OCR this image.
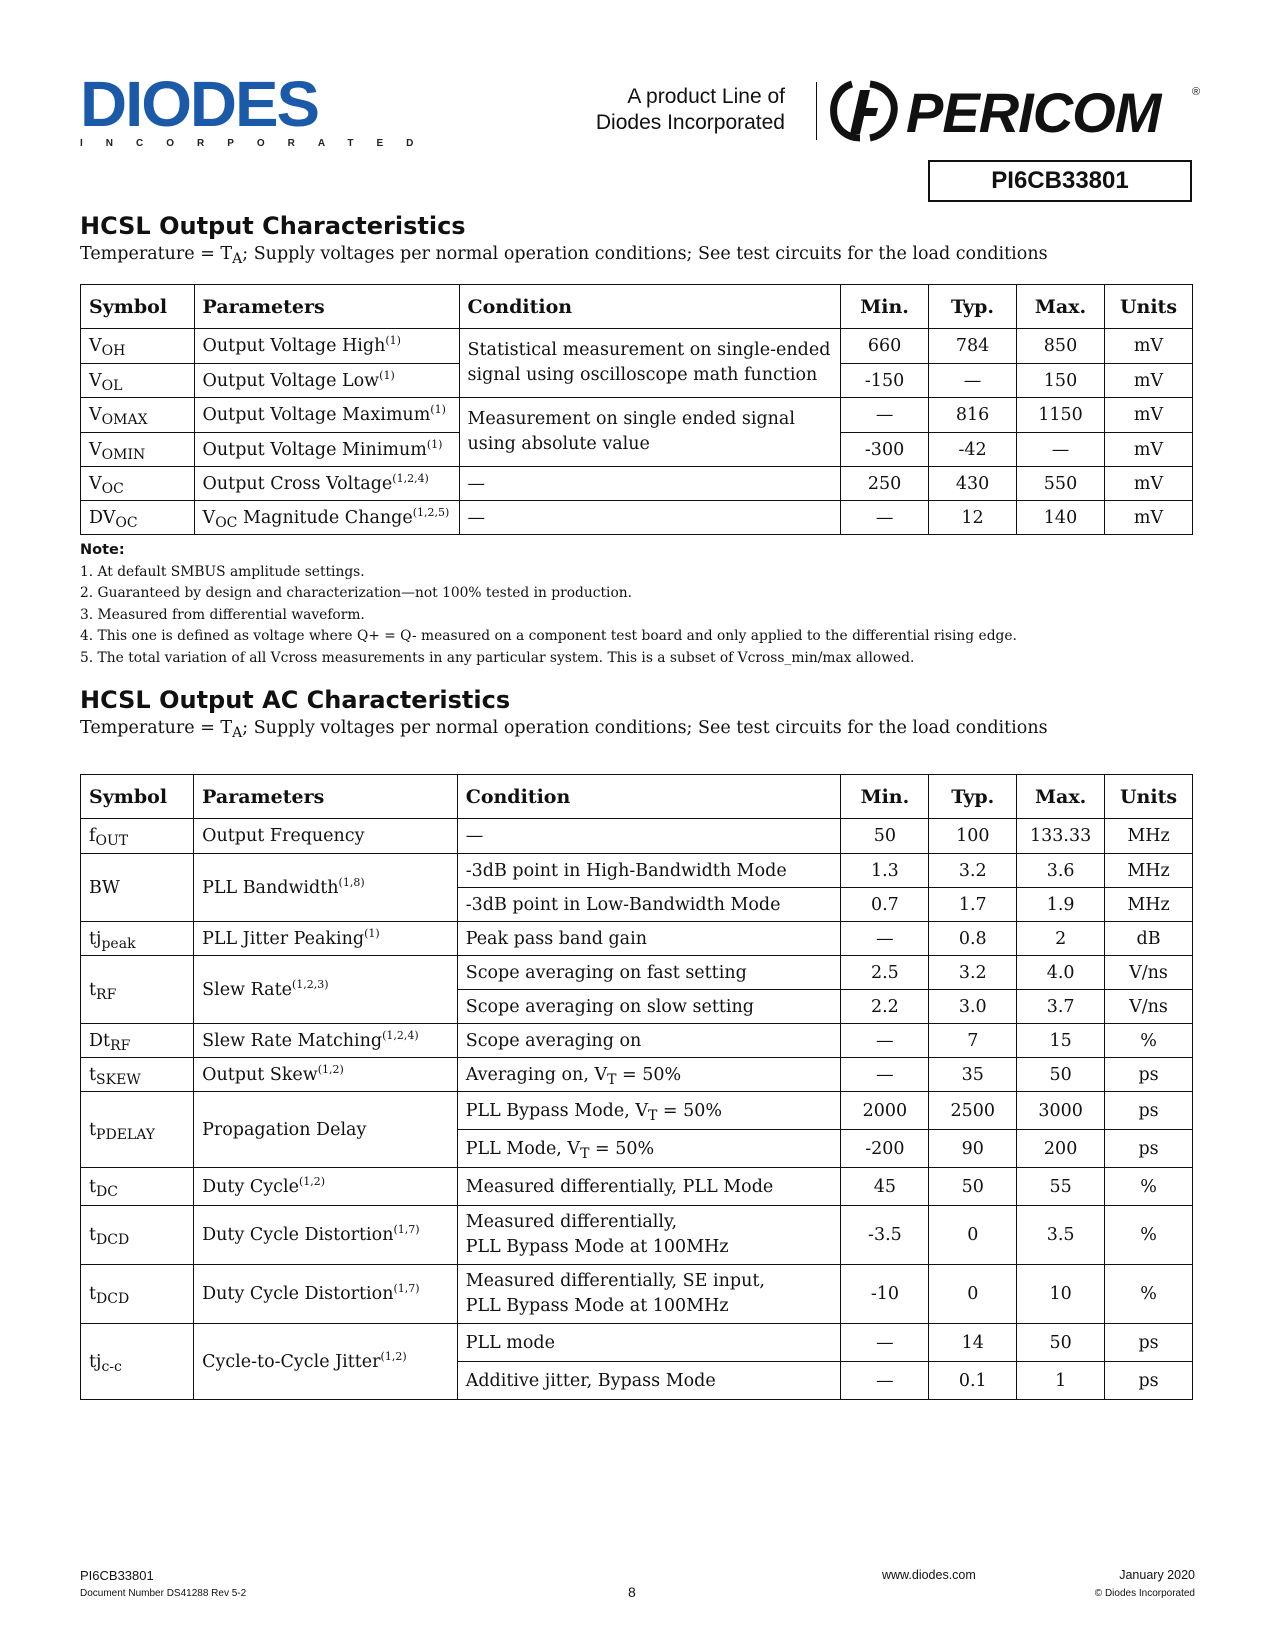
DIODES
INCORPORATED
A product Line of
Diodes Incorporated PERICOM	®
PI6CB33801
HCSL Output Characteristics
Temperature = $T_A$; Supply voltages per normal operation conditions; See test circuits for the load conditions
Symbol	Parameters	Condition	Min.	Typ.	Max.	Units
$V_{OH}$	Output Voltage High$^{(1)}$	Statistical measurement on single-ended signal using oscilloscope math function	660	784	850	mV
$V_{OL}$	Output Voltage Low$^{(1)}$		-150	—	150	mV
$V_{OMAX}$	Output Voltage Maximum$^{(1)}$	Measurement on single ended signal using absolute value	—	816	1150	mV
$V_{OMIN}$	Output Voltage Minimum$^{(1)}$		-300	-42	—	mV
$V_{OC}$	Output Cross Voltage$^{(1,2,4)}$	—	250	430	550	mV
$DV_{OC}$	$V_{OC}$ Magnitude Change$^{(1,2,5)}$	—	—	12	140	mV
Note:
1. At default SMBUS amplitude settings.
2. Guaranteed by design and characterization—not 100% tested in production.
3. Measured from differential waveform.
4. This one is defined as voltage where Q+ = Q- measured on a component test board and only applied to the differential rising edge.
5. The total variation of all Vcross measurements in any particular system. This is a subset of Vcross_min/max allowed.
HCSL Output AC Characteristics
Temperature = $T_A$; Supply voltages per normal operation conditions; See test circuits for the load conditions
Symbol	Parameters	Condition	Min.	Typ.	Max.	Units
$f_{OUT}$	Output Frequency	—	50	100	133.33	MHz
BW	PLL Bandwidth$^{(1,8)}$	-3dB point in High-Bandwidth Mode	1.3	3.2	3.6	MHz
		-3dB point in Low-Bandwidth Mode	0.7	1.7	1.9	MHz
$tj_{peak}$	PLL Jitter Peaking$^{(1)}$	Peak pass band gain	—	0.8	2	dB
$t_{RF}$	Slew Rate$^{(1,2,3)}$	Scope averaging on fast setting	2.5	3.2	4.0	V/ns
		Scope averaging on slow setting	2.2	3.0	3.7	V/ns
$Dt_{RF}$	Slew Rate Matching$^{(1,2,4)}$	Scope averaging on	—	7	15	%
$t_{SKEW}$	Output Skew$^{(1,2)}$	Averaging on, $V_T = 50\%$	—	35	50	ps
$t_{PDELAY}$	Propagation Delay	PLL Bypass Mode, $V_T = 50\%$	2000	2500	3000	ps
		PLL Mode, $V_T = 50\%$	-200	90	200	ps
$t_{DC}$	Duty Cycle$^{(1,2)}$	Measured differentially, PLL Mode	45	50	55	%
$t_{DCD}$	Duty Cycle Distortion$^{(1,7)}$	Measured differentially,
PLL Bypass Mode at 100MHz	-3.5	0	3.5	%
$t_{DCD}$	Duty Cycle Distortion$^{(1,7)}$	Measured differentially, SE input,
PLL Bypass Mode at 100MHz	-10	0	10	%
$tj_{c-c}$	Cycle-to-Cycle Jitter$^{(1,2)}$	PLL mode	—	14	50	ps
		Additive jitter, Bypass Mode	—	0.1	1	ps
PI6CB33801
Document Number DS41288 Rev 5-2	8
www.diodes.com	January 2020
© Diodes Incorporated
